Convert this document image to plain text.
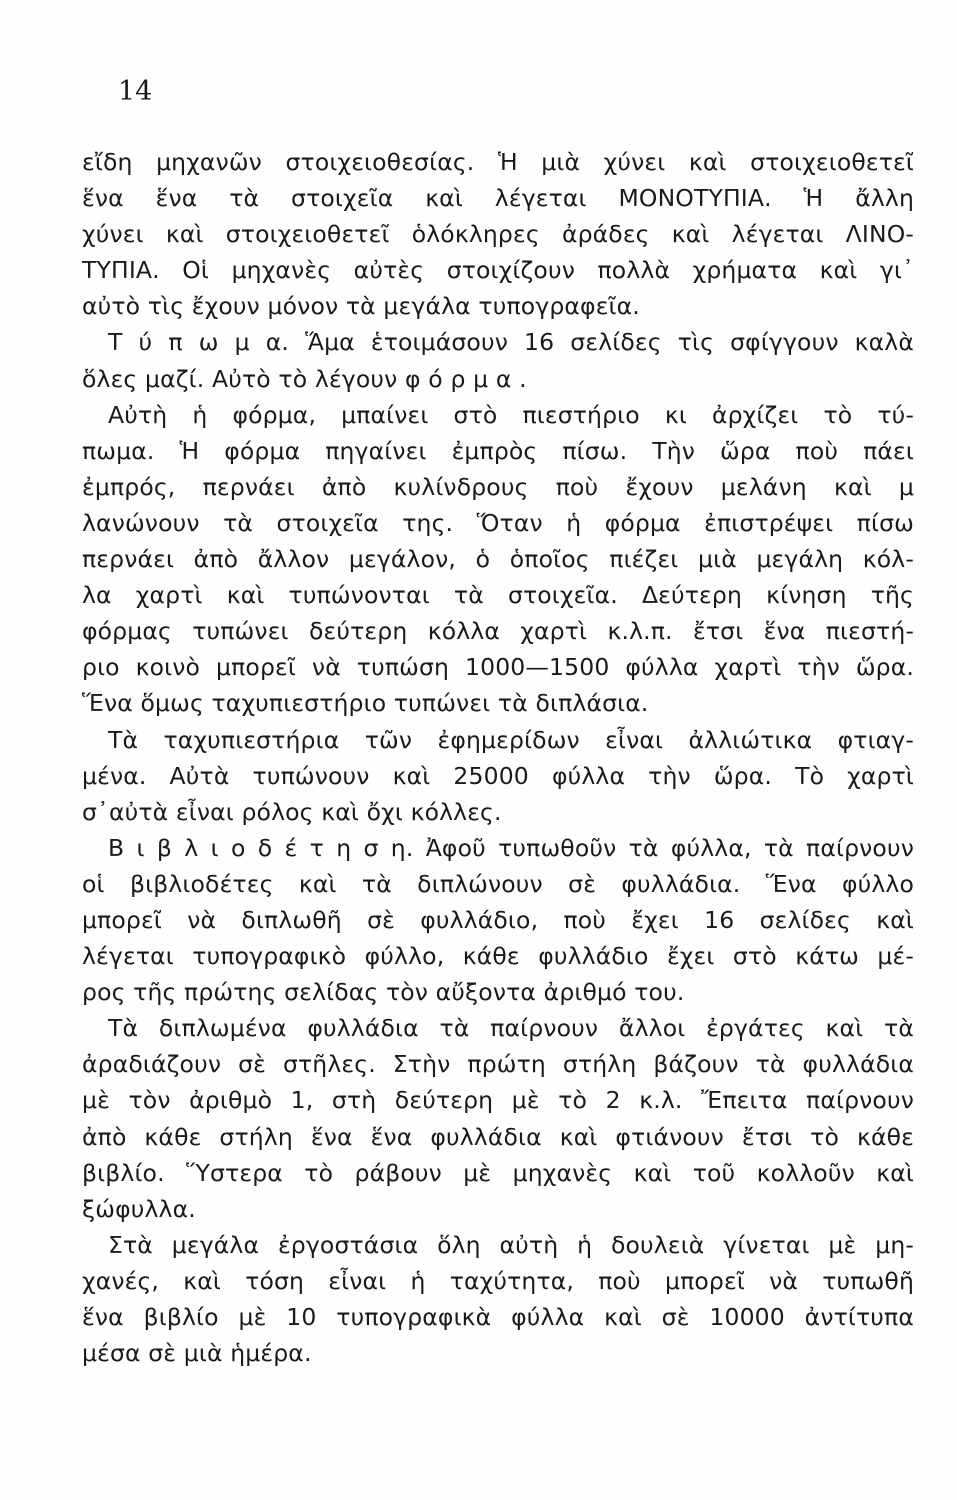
14
εἴδη μηχανῶν στοιχειοθεσίας. Ἡ μιὰ χύνει καὶ στοιχειοθετεῖ
ἕνα ἕνα τὰ στοιχεῖα καὶ λέγεται ΜΟΝΟΤΥΠΙΑ. Ἡ ἄλλη
χύνει καὶ στοιχειοθετεῖ ὁλόκληρες ἀράδες καὶ λέγεται ΛΙΝΟ-
ΤΥΠΙΑ. Οἱ μηχανὲς αὐτὲς στοιχίζουν πολλὰ χρήματα καὶ γι᾽
αὐτὸ τὶς ἔχουν μόνον τὰ μεγάλα τυπογραφεῖα.
Τ ύ π ω μ α. Ἅμα ἑτοιμάσουν 16 σελίδες τὶς σφίγγουν καλὰ
ὅλες μαζί. Αὐτὸ τὸ λέγουν φ ό ρ μ α .
Αὐτὴ ἡ φόρμα, μπαίνει στὸ πιεστήριο κι ἀρχίζει τὸ τύ-
πωμα. Ἡ φόρμα πηγαίνει ἐμπρὸς πίσω. Τὴν ὥρα ποὺ πάει
ἐμπρός, περνάει ἀπὸ κυλίνδρους ποὺ ἔχουν μελάνη καὶ μ
λανώνουν τὰ στοιχεῖα της. Ὅταν ἡ φόρμα ἐπιστρέψει πίσω
περνάει ἀπὸ ἄλλον μεγάλον, ὁ ὁποῖος πιέζει μιὰ μεγάλη κόλ-
λα χαρτὶ καὶ τυπώνονται τὰ στοιχεῖα. Δεύτερη κίνηση τῆς
φόρμας τυπώνει δεύτερη κόλλα χαρτὶ κ.λ.π. ἔτσι ἕνα πιεστή-
ριο κοινὸ μπορεῖ νὰ τυπώση 1000—1500 φύλλα χαρτὶ τὴν ὥρα.
Ἕνα ὅμως ταχυπιεστήριο τυπώνει τὰ διπλάσια.
Τὰ ταχυπιεστήρια τῶν ἐφημερίδων εἶναι ἀλλιώτικα φτιαγ-
μένα. Αὐτὰ τυπώνουν καὶ 25000 φύλλα τὴν ὥρα. Τὸ χαρτὶ
σ᾽αὐτὰ εἶναι ρόλος καὶ ὄχι κόλλες.
Β ι β λ ι ο δ έ τ η σ η. Ἀφοῦ τυπωθοῦν τὰ φύλλα, τὰ παίρνουν
οἱ βιβλιοδέτες καὶ τὰ διπλώνουν σὲ φυλλάδια. Ἕνα φύλλο
μπορεῖ νὰ διπλωθῆ σὲ φυλλάδιο, ποὺ ἔχει 16 σελίδες καὶ
λέγεται τυπογραφικὸ φύλλο, κάθε φυλλάδιο ἔχει στὸ κάτω μέ-
ρος τῆς πρώτης σελίδας τὸν αὔξοντα ἀριθμό του.
Τὰ διπλωμένα φυλλάδια τὰ παίρνουν ἄλλοι ἐργάτες καὶ τὰ
ἀραδιάζουν σὲ στῆλες. Στὴν πρώτη στήλη βάζουν τὰ φυλλάδια
μὲ τὸν ἀριθμὸ 1, στὴ δεύτερη μὲ τὸ 2 κ.λ. Ἔπειτα παίρνουν
ἀπὸ κάθε στήλη ἕνα ἕνα φυλλάδια καὶ φτιάνουν ἔτσι τὸ κάθε
βιβλίο. Ὕστερα τὸ ράβουν μὲ μηχανὲς καὶ τοῦ κολλοῦν καὶ
ξώφυλλα.
Στὰ μεγάλα ἐργοστάσια ὅλη αὐτὴ ἡ δουλειὰ γίνεται μὲ μη-
χανές, καὶ τόση εἶναι ἡ ταχύτητα, ποὺ μπορεῖ νὰ τυπωθῆ
ἕνα βιβλίο μὲ 10 τυπογραφικὰ φύλλα καὶ σὲ 10000 ἀντίτυπα
μέσα σὲ μιὰ ἡμέρα.
